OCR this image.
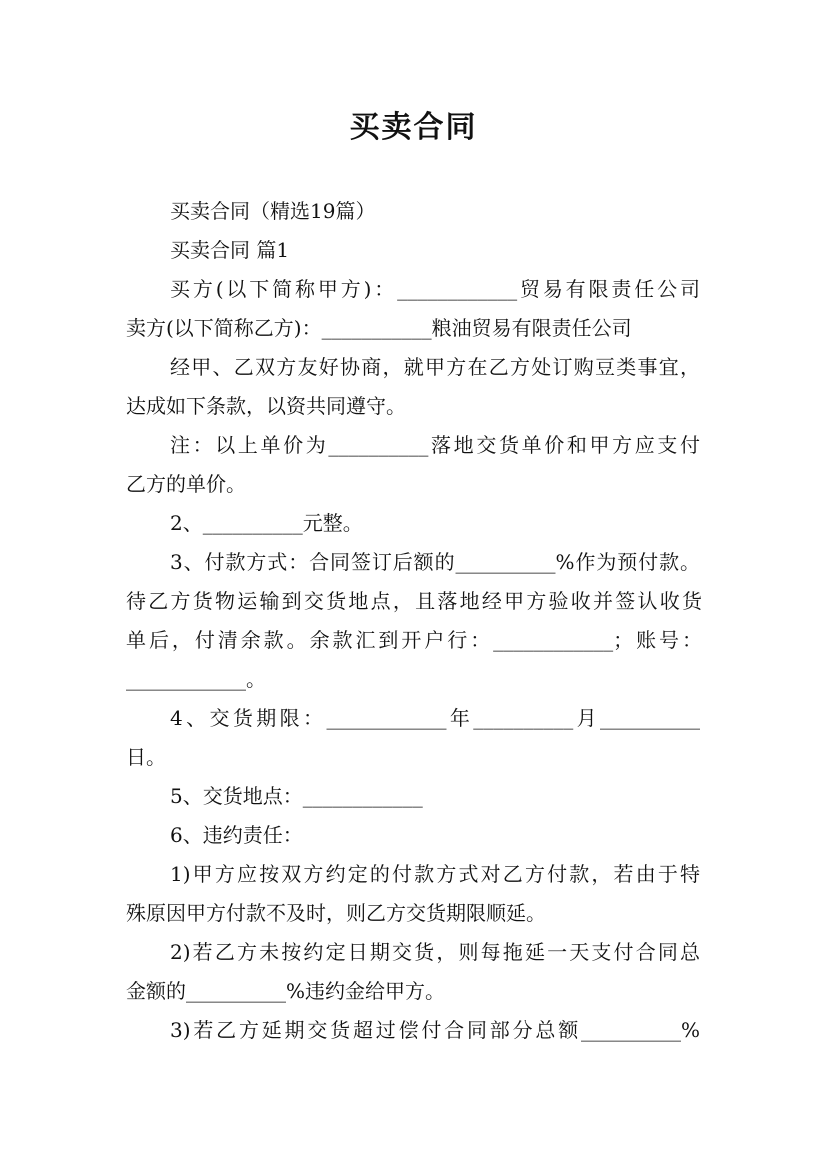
买卖合同
买卖合同（精选19篇）
买卖合同 篇1
买方(以下简称甲方)：____________贸易有限责任公司
卖方(以下简称乙方)：___________粮油贸易有限责任公司
经甲、乙双方友好协商，就甲方在乙方处订购豆类事宜，
达成如下条款，以资共同遵守。
注：以上单价为__________落地交货单价和甲方应支付
乙方的单价。
2、__________元整。
3、付款方式：合同签订后额的__________%作为预付款。
待乙方货物运输到交货地点，且落地经甲方验收并签认收货
单后，付清余款。余款汇到开户行：____________；账号：
____________。
4、交货期限：____________年__________月__________
日。
5、交货地点：____________
6、违约责任：
1)甲方应按双方约定的付款方式对乙方付款，若由于特
殊原因甲方付款不及时，则乙方交货期限顺延。
2)若乙方未按约定日期交货，则每拖延一天支付合同总
金额的__________%违约金给甲方。
3)若乙方延期交货超过偿付合同部分总额__________%
